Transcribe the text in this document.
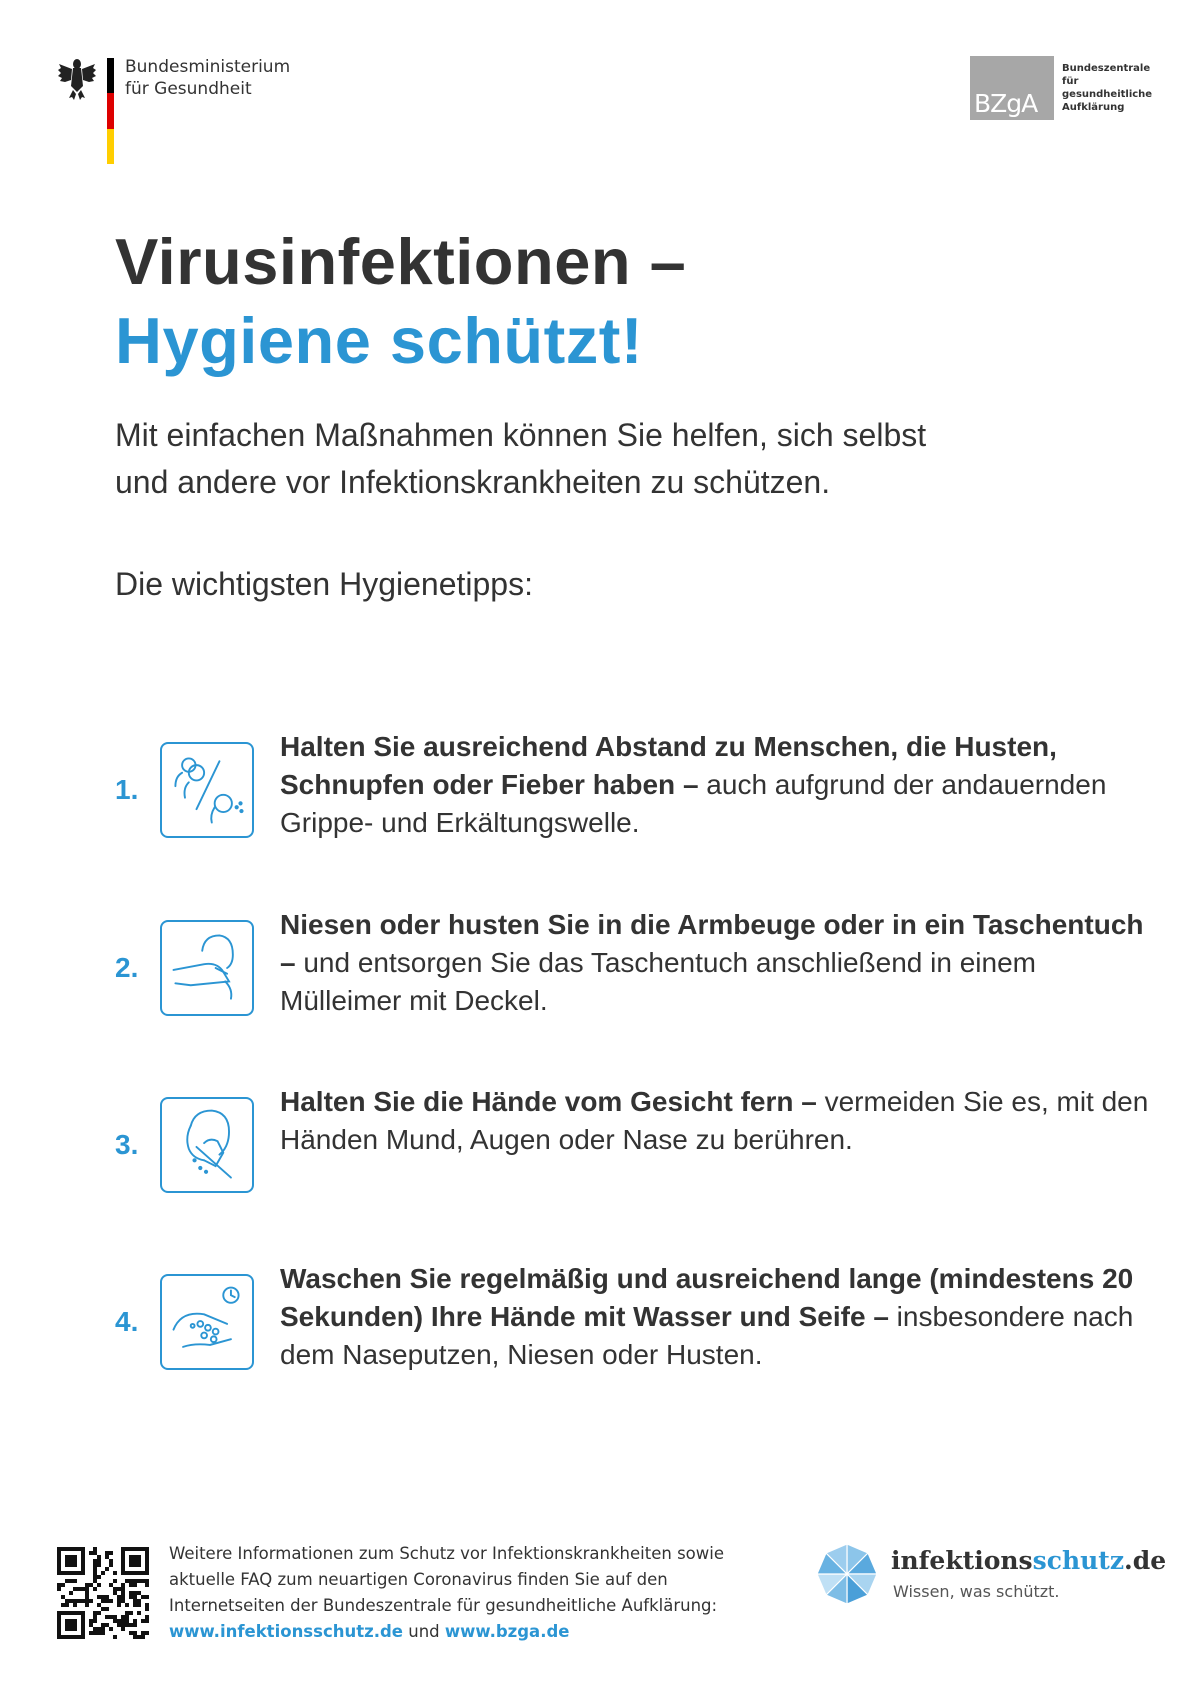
Bundesministerium
für Gesundheit	BZgA
Bundeszentrale
für
gesundheitliche
Aufklärung
Virusinfektionen –
Hygiene schützt!
Mit einfachen Maßnahmen können Sie helfen, sich selbst
und andere vor Infektionskrankheiten zu schützen.
Die wichtigsten Hygienetipps:
1.
Halten Sie ausreichend Abstand zu Menschen, die Husten, Schnupfen oder Fieber haben – auch aufgrund der andauernden Grippe- und Erkältungswelle.
2.
Niesen oder husten Sie in die Armbeuge oder in ein Taschentuch – und entsorgen Sie das Taschentuch anschließend in einem Mülleimer mit Deckel.
3.
Halten Sie die Hände vom Gesicht fern – vermeiden Sie es, mit den Händen Mund, Augen oder Nase zu berühren.
4.
Waschen Sie regelmäßig und ausreichend lange (mindestens 20 Sekunden) Ihre Hände mit Wasser und Seife – insbesondere nach dem Naseputzen, Niesen oder Husten.
Weitere Informationen zum Schutz vor Infektionskrankheiten sowie
aktuelle FAQ zum neuartigen Coronavirus finden Sie auf den
Internetseiten der Bundeszentrale für gesundheitliche Aufklärung:
www.infektionsschutz.de und www.bzga.de
infektionsschutz.de
Wissen, was schützt.
